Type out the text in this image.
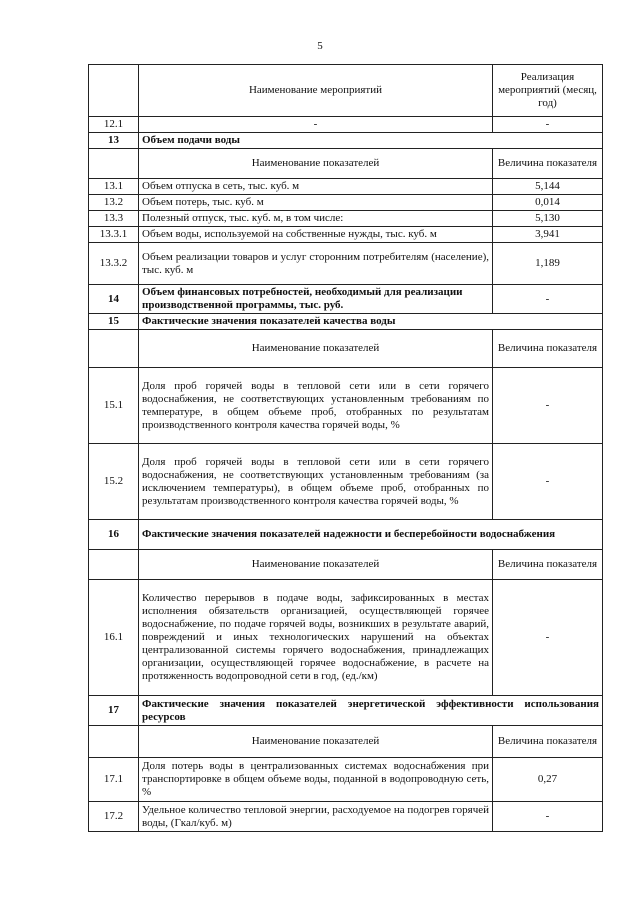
5
	Наименование мероприятий	Реализация мероприятий (месяц, год)
12.1	-	-
13	Объем подачи воды	
	Наименование показателей	Величина показателя
13.1	Объем отпуска в сеть, тыс. куб. м	5,144
13.2	Объем потерь, тыс. куб. м	0,014
13.3	Полезный отпуск, тыс. куб. м, в том числе:	5,130
13.3.1	Объем воды, используемой на собственные нужды, тыс. куб. м	3,941
13.3.2	Объем реализации товаров и услуг сторонним потребителям (население), тыс. куб. м	1,189
14	Объем финансовых потребностей, необходимый для реализации производственной программы, тыс. руб.	-
15	Фактические значения показателей качества воды	
	Наименование показателей	Величина показателя
15.1	Доля проб горячей воды в тепловой сети или в сети горячего водоснабжения, не соответствующих установленным требованиям по температуре, в общем объеме проб, отобранных по результатам производственного контроля качества горячей воды, %	-
15.2	Доля проб горячей воды в тепловой сети или в сети горячего водоснабжения, не соответствующих установленным требованиям (за исключением температуры), в общем объеме проб, отобранных по результатам производственного контроля качества горячей воды, %	-
16	Фактические значения показателей надежности и бесперебойности водоснабжения	
	Наименование показателей	Величина показателя
16.1	Количество перерывов в подаче воды, зафиксированных в местах исполнения обязательств организацией, осуществляющей горячее водоснабжение, по подаче горячей воды, возникших в результате аварий, повреждений и иных технологических нарушений на объектах централизованной системы горячего водоснабжения, принадлежащих организации, осуществляющей горячее водоснабжение, в расчете на протяженность водопроводной сети в год, (ед./км)	-
17	Фактические значения показателей энергетической эффективности использования ресурсов	
	Наименование показателей	Величина показателя
17.1	Доля потерь воды в централизованных системах водоснабжения при транспортировке в общем объеме воды, поданной в водопроводную сеть, %	0,27
17.2	Удельное количество тепловой энергии, расходуемое на подогрев горячей воды, (Гкал/куб. м)	-
